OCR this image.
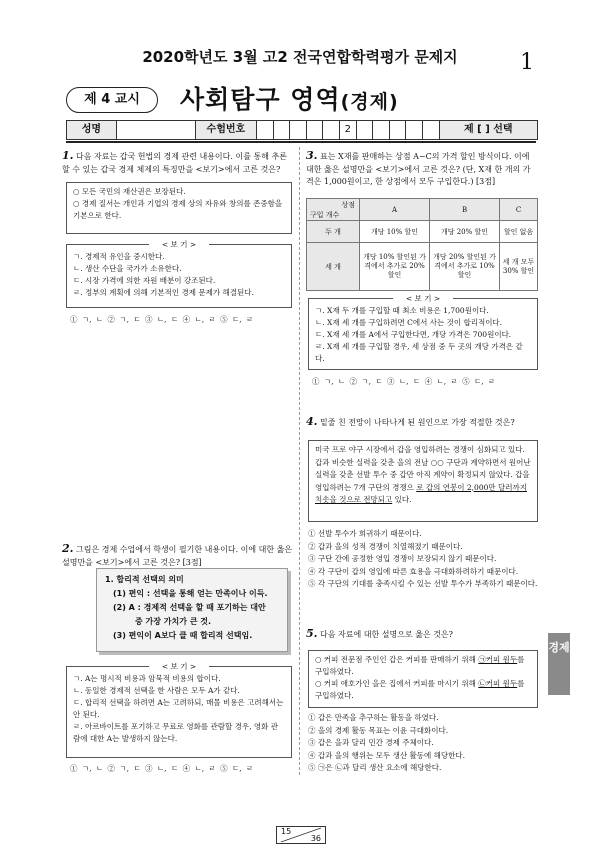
2020학년도 3월 고2 전국연합학력평가 문제지	1
제 4 교시	사회탐구 영역(경제)
성명	수험번호	2	제 [ ] 선택
1. 다음 자료는 갑국 헌법의 경제 관련 내용이다. 이를 통해 추론할 수 있는 갑국 경제 체제의 특징만을 <보기>에서 고른 것은?
○ 모든 국민의 재산권은 보장된다.
○ 경제 질서는 개인과 기업의 경제 상의 자유와 창의를 존중함을 기본으로 한다.
< 보 기 >
ㄱ. 경제적 유인을 중시한다.
ㄴ. 생산 수단을 국가가 소유한다.
ㄷ. 시장 가격에 의한 자원 배분이 강조된다.
ㄹ. 정부의 계획에 의해 기본적인 경제 문제가 해결된다.
① ㄱ, ㄴ ② ㄱ, ㄷ ③ ㄴ, ㄷ ④ ㄴ, ㄹ ⑤ ㄷ, ㄹ
2. 그림은 경제 수업에서 학생이 필기한 내용이다. 이에 대한 옳은 설명만을 <보기>에서 고른 것은? [3점]
1. 합리적 선택의 의미
(1) 편익 : 선택을 통해 얻는 만족이나 이득.
(2) A : 경제적 선택을 할 때 포기하는 대안
중 가장 가치가 큰 것.
(3) 편익이 A보다 클 때 합리적 선택임.
< 보 기 >
ㄱ. A는 명시적 비용과 암묵적 비용의 합이다.
ㄴ. 동일한 경제적 선택을 한 사람은 모두 A가 같다.
ㄷ. 합리적 선택을 하려면 A는 고려하되, 매몰 비용은 고려해서는 안 된다.
ㄹ. 아르바이트를 포기하고 무료로 영화를 관람할 경우, 영화 관람에 대한 A는 발생하지 않는다.
① ㄱ, ㄴ ② ㄱ, ㄷ ③ ㄴ, ㄷ ④ ㄴ, ㄹ ⑤ ㄷ, ㄹ
3. 표는 X재를 판매하는 상점 A~C의 가격 할인 방식이다. 이에 대한 옳은 설명만을 <보기>에서 고른 것은? (단, X재 한 개의 가격은 1,000원이고, 한 상점에서 모두 구입한다.) [3점]
상점
구입 개수	A	B	C
두 개	개당 10% 할인	개당 20% 할인	할인 없음
세 개	개당 10% 할인된 가격에서 추가로 20% 할인	개당 20% 할인된 가격에서 추가로 10% 할인	세 개 모두 30% 할인
< 보 기 >
ㄱ. X재 두 개를 구입할 때 최소 비용은 1,700원이다.
ㄴ. X재 세 개를 구입하려면 C에서 사는 것이 합리적이다.
ㄷ. X재 세 개를 A에서 구입한다면, 개당 가격은 700원이다.
ㄹ. X재 세 개를 구입할 경우, 세 상점 중 두 곳의 개당 가격은 같다.
① ㄱ, ㄴ ② ㄱ, ㄷ ③ ㄴ, ㄷ ④ ㄴ, ㄹ ⑤ ㄷ, ㄹ
4. 밑줄 친 전망이 나타나게 된 원인으로 가장 적절한 것은?
미국 프로 야구 시장에서 갑을 영입하려는 경쟁이 심화되고 있다. 갑과 비슷한 실력을 갖춘 을의 전날 ○○ 구단과 계약하면서 원어난 실력을 갖춘 선발 투수 중 갑만 아직 계약이 확정되지 않았다. 갑을 영입하려는 7개 구단의 경쟁으 로 갑의 연봉이 2,000만 달러까지 치솟을 것으로 전망되고 있다.
① 선발 투수가 희귀하기 때문이다.
② 갑과 을의 성적 경쟁이 치열해졌기 때문이다.
③ 구단 간에 공정한 영입 경쟁이 보장되지 않기 때문이다.
④ 각 구단이 갑의 영입에 따른 효용을 극대화하려하기 때문이다.
⑤ 각 구단의 기대를 충족시킬 수 있는 선발 투수가 부족하기 때문이다.
5. 다음 자료에 대한 설명으로 옳은 것은?
○ 커피 전문점 주인인 갑은 커피를 판매하기 위해 ㉠커피 원두를 구입하였다.
○ 커피 애호가인 을은 집에서 커피를 마시기 위해 ㉡커피 원두를 구입하였다.
① 갑은 만족을 추구하는 활동을 하였다.
② 을의 경제 활동 목표는 이윤 극대화이다.
③ 갑은 을과 달리 민간 경제 주체이다.
④ 갑과 을의 행위는 모두 생산 활동에 해당한다.
⑤ ㉠은 ㉡과 달리 생산 요소에 해당한다.
경제
15
36
